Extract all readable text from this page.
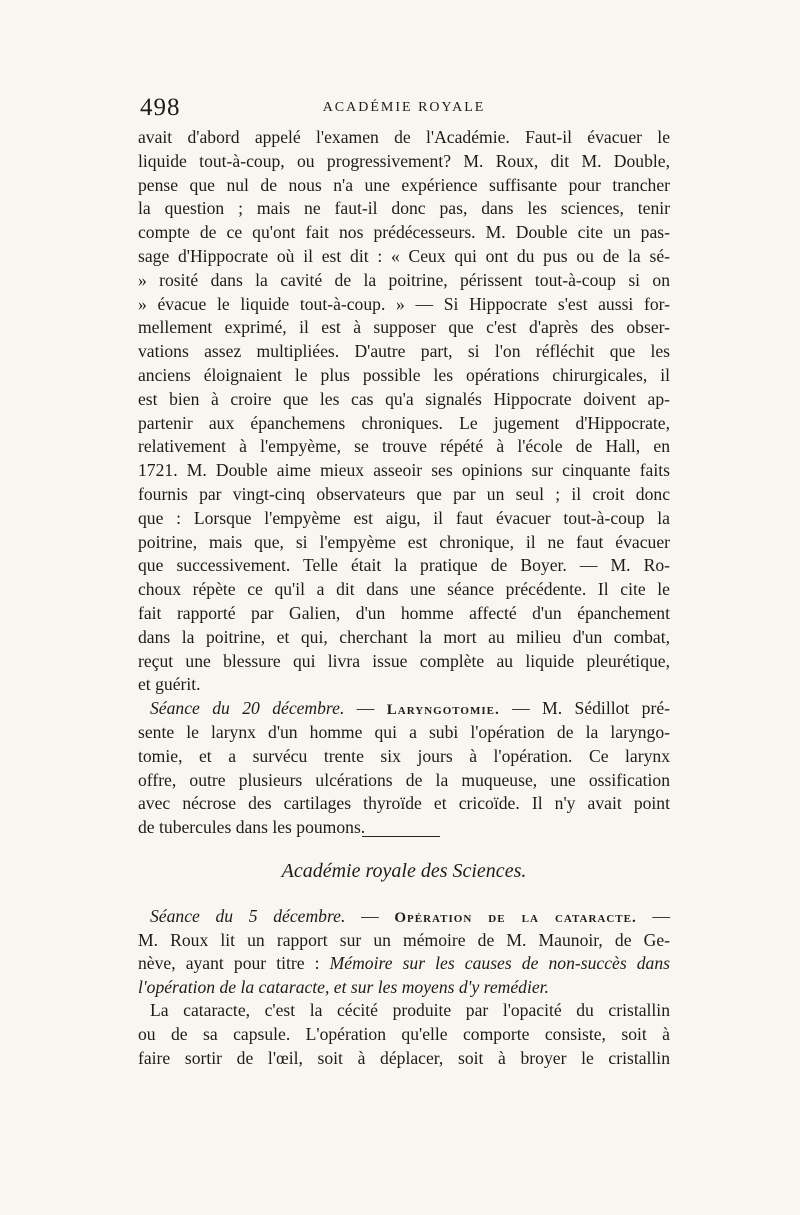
498	ACADÉMIE ROYALE
avait d'abord appelé l'examen de l'Académie. Faut-il évacuer le
liquide tout-à-coup, ou progressivement? M. Roux, dit M. Double,
pense que nul de nous n'a une expérience suffisante pour trancher
la question ; mais ne faut-il donc pas, dans les sciences, tenir
compte de ce qu'ont fait nos prédécesseurs. M. Double cite un pas-
sage d'Hippocrate où il est dit : « Ceux qui ont du pus ou de la sé-
» rosité dans la cavité de la poitrine, périssent tout-à-coup si on
» évacue le liquide tout-à-coup. » — Si Hippocrate s'est aussi for-
mellement exprimé, il est à supposer que c'est d'après des obser-
vations assez multipliées. D'autre part, si l'on réfléchit que les
anciens éloignaient le plus possible les opérations chirurgicales, il
est bien à croire que les cas qu'a signalés Hippocrate doivent ap-
partenir aux épanchemens chroniques. Le jugement d'Hippocrate,
relativement à l'empyème, se trouve répété à l'école de Hall, en
1721. M. Double aime mieux asseoir ses opinions sur cinquante faits
fournis par vingt-cinq observateurs que par un seul ; il croit donc
que : Lorsque l'empyème est aigu, il faut évacuer tout-à-coup la
poitrine, mais que, si l'empyème est chronique, il ne faut évacuer
que successivement. Telle était la pratique de Boyer. — M. Ro-
choux répète ce qu'il a dit dans une séance précédente. Il cite le
fait rapporté par Galien, d'un homme affecté d'un épanchement
dans la poitrine, et qui, cherchant la mort au milieu d'un combat,
reçut une blessure qui livra issue complète au liquide pleurétique,
et guérit.
Séance du 20 décembre. — Laryngotomie. — M. Sédillot pré-
sente le larynx d'un homme qui a subi l'opération de la laryngo-
tomie, et a survécu trente six jours à l'opération. Ce larynx
offre, outre plusieurs ulcérations de la muqueuse, une ossification
avec nécrose des cartilages thyroïde et cricoïde. Il n'y avait point
de tubercules dans les poumons.
Académie royale des Sciences.
Séance du 5 décembre. — Opération de la cataracte. —
M. Roux lit un rapport sur un mémoire de M. Maunoir, de Ge-
nève, ayant pour titre : Mémoire sur les causes de non-succès dans
l'opération de la cataracte, et sur les moyens d'y remédier.
La cataracte, c'est la cécité produite par l'opacité du cristallin
ou de sa capsule. L'opération qu'elle comporte consiste, soit à
faire sortir de l'œil, soit à déplacer, soit à broyer le cristallin
